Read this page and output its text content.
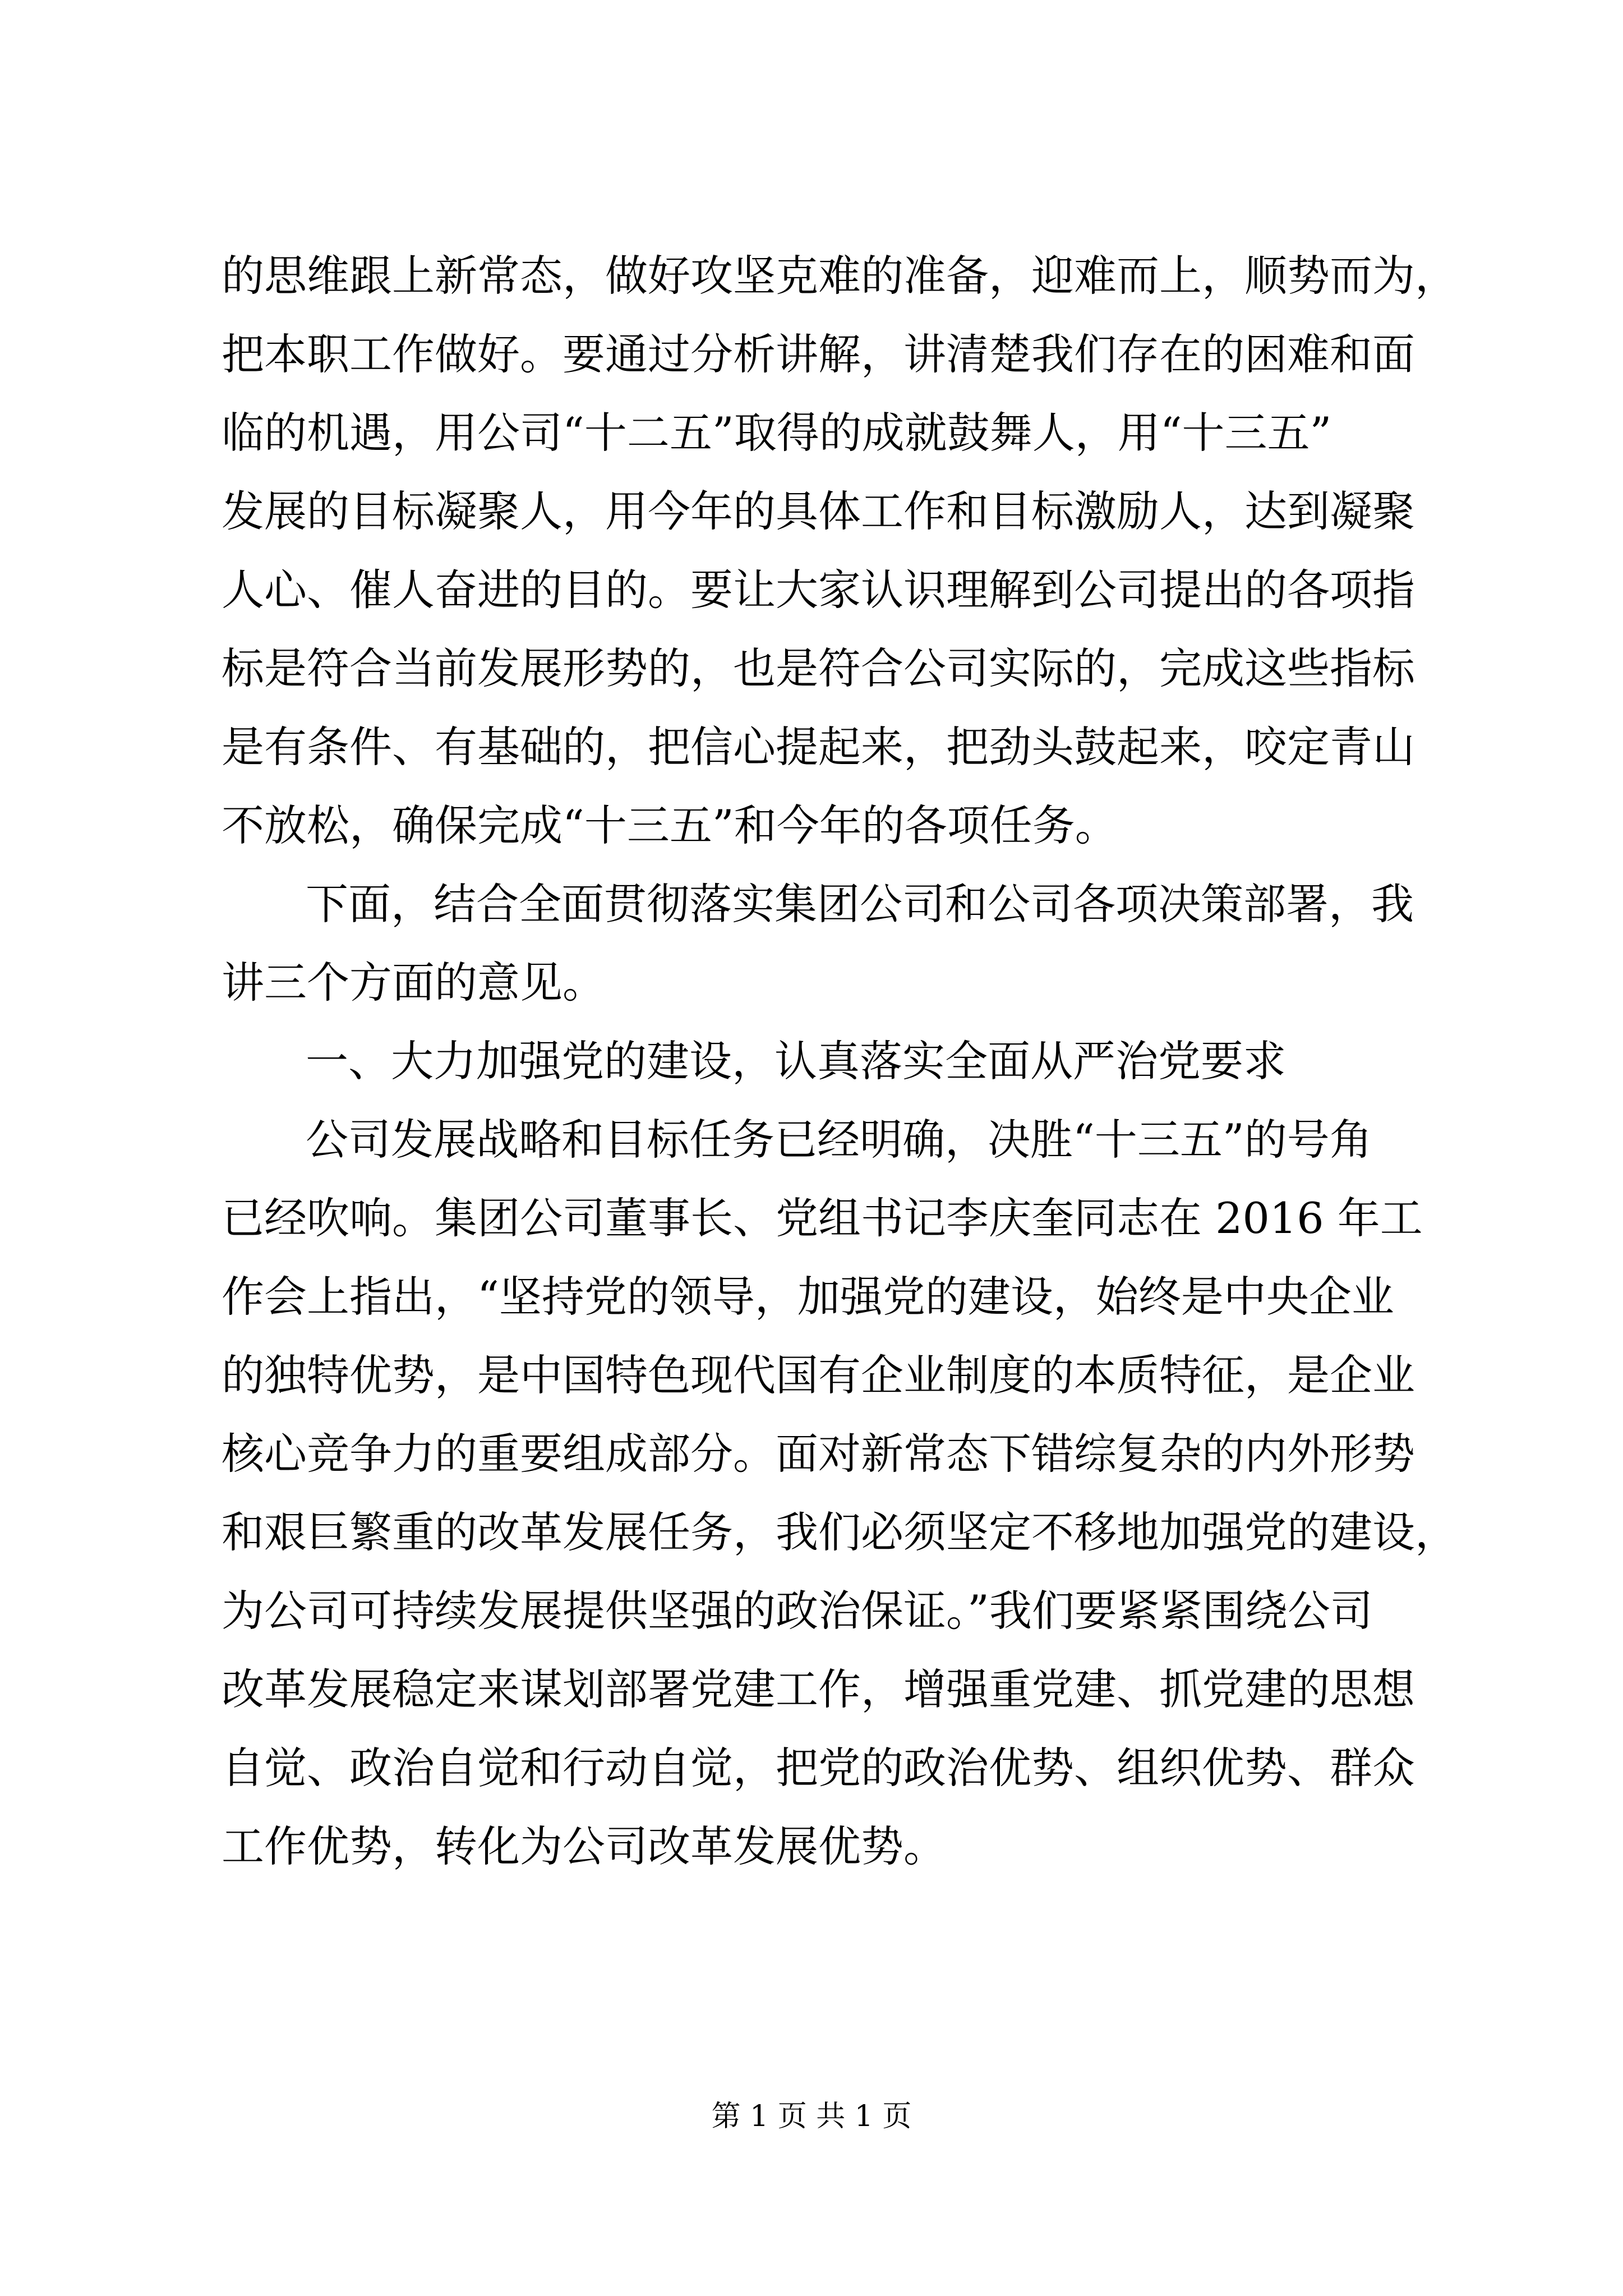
的思维跟上新常态，做好攻坚克难的准备，迎难而上，顺势而为，
把本职工作做好。要通过分析讲解，讲清楚我们存在的困难和面
临的机遇，用公司“十二五”取得的成就鼓舞人，用“十三五”
发展的目标凝聚人，用今年的具体工作和目标激励人，达到凝聚
人心、催人奋进的目的。要让大家认识理解到公司提出的各项指
标是符合当前发展形势的，也是符合公司实际的，完成这些指标
是有条件、有基础的，把信心提起来，把劲头鼓起来，咬定青山
不放松，确保完成“十三五”和今年的各项任务。
下面，结合全面贯彻落实集团公司和公司各项决策部署，我
讲三个方面的意见。
一、大力加强党的建设，认真落实全面从严治党要求
公司发展战略和目标任务已经明确，决胜“十三五”的号角
已经吹响。集团公司董事长、党组书记李庆奎同志在 2016 年工
作会上指出，“坚持党的领导，加强党的建设，始终是中央企业
的独特优势，是中国特色现代国有企业制度的本质特征，是企业
核心竞争力的重要组成部分。面对新常态下错综复杂的内外形势
和艰巨繁重的改革发展任务，我们必须坚定不移地加强党的建设，
为公司可持续发展提供坚强的政治保证。”我们要紧紧围绕公司
改革发展稳定来谋划部署党建工作，增强重党建、抓党建的思想
自觉、政治自觉和行动自觉，把党的政治优势、组织优势、群众
工作优势，转化为公司改革发展优势。
第 1 页 共 1 页
